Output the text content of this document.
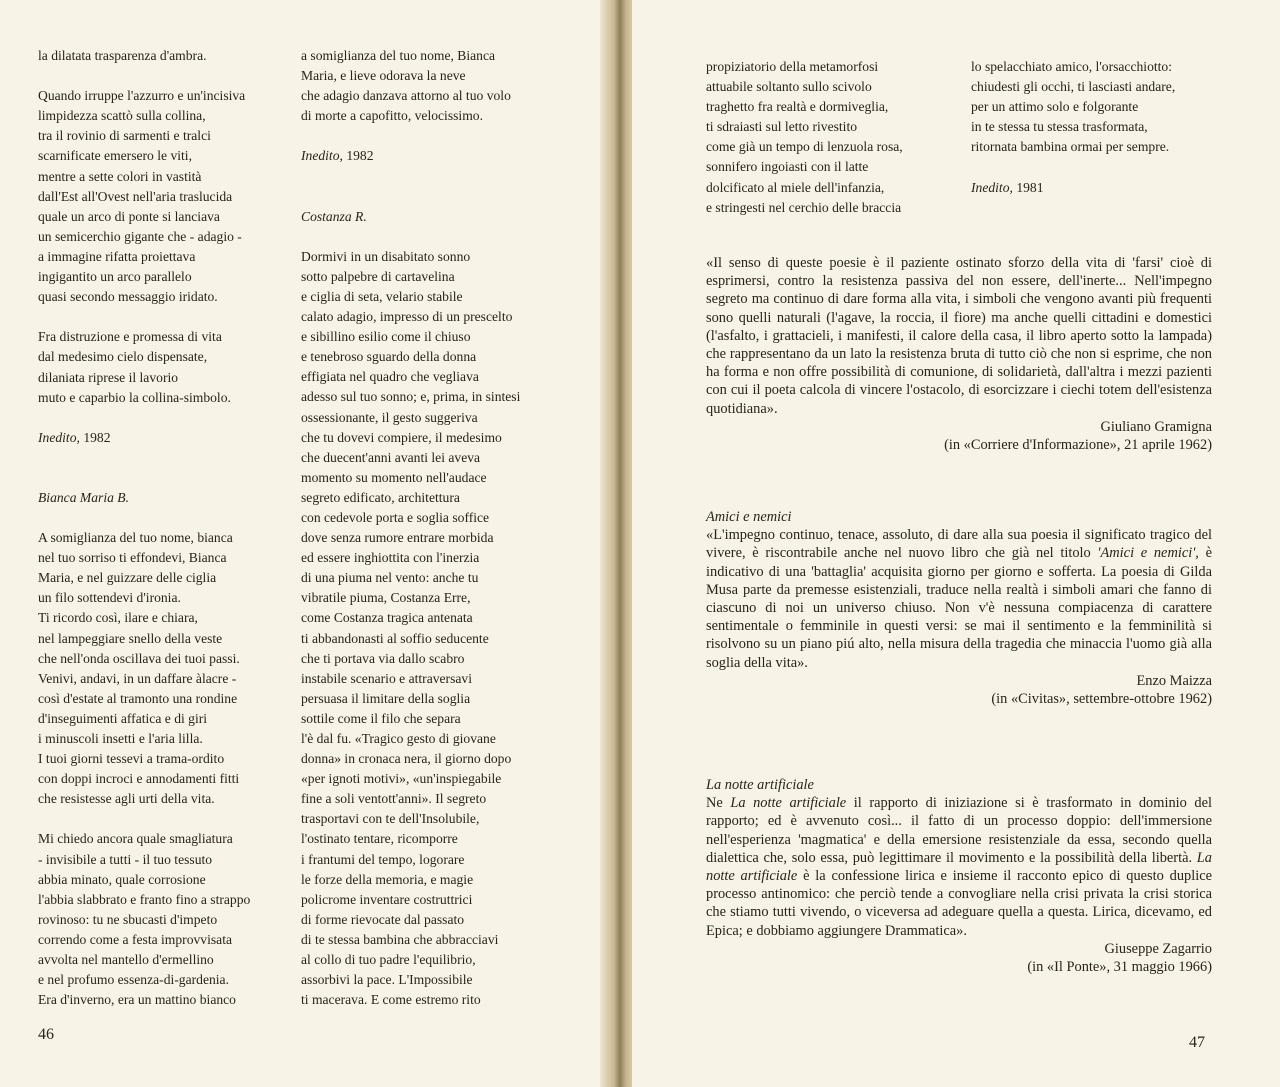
la dilatata trasparenza d'ambra.
Quando irruppe l'azzurro e un'incisiva
limpidezza scattò sulla collina,
tra il rovinio di sarmenti e tralci
scarnificate emersero le viti,
mentre a sette colori in vastità
dall'Est all'Ovest nell'aria traslucida
quale un arco di ponte si lanciava
un semicerchio gigante che - adagio -
a immagine rifatta proiettava
ingigantito un arco parallelo
quasi secondo messaggio iridato.
Fra distruzione e promessa di vita
dal medesimo cielo dispensate,
dilaniata riprese il lavorio
muto e caparbio la collina-simbolo.
Inedito, 1982
Bianca Maria B.
A somiglianza del tuo nome, bianca
nel tuo sorriso ti effondevi, Bianca
Maria, e nel guizzare delle ciglia
un filo sottendevi d'ironia.
Ti ricordo così, ilare e chiara,
nel lampeggiare snello della veste
che nell'onda oscillava dei tuoi passi.
Venivi, andavi, in un daffare àlacre -
così d'estate al tramonto una rondine
d'inseguimenti affatica e di giri
i minuscoli insetti e l'aria lilla.
I tuoi giorni tessevi a trama-ordito
con doppi incroci e annodamenti fitti
che resistesse agli urti della vita.
Mi chiedo ancora quale smagliatura
- invisibile a tutti - il tuo tessuto
abbia minato, quale corrosione
l'abbia slabbrato e franto fino a strappo
rovinoso: tu ne sbucasti d'impeto
correndo come a festa improvvisata
avvolta nel mantello d'ermellino
e nel profumo essenza-di-gardenia.
Era d'inverno, era un mattino bianco
a somiglianza del tuo nome, Bianca
Maria, e lieve odorava la neve
che adagio danzava attorno al tuo volo
di morte a capofitto, velocissimo.
Inedito, 1982
Costanza R.
Dormivi in un disabitato sonno
sotto palpebre di cartavelina
e ciglia di seta, velario stabile
calato adagio, impresso di un prescelto
e sibillino esilio come il chiuso
e tenebroso sguardo della donna
effigiata nel quadro che vegliava
adesso sul tuo sonno; e, prima, in sintesi
ossessionante, il gesto suggeriva
che tu dovevi compiere, il medesimo
che duecent'anni avanti lei aveva
momento su momento nell'audace
segreto edificato, architettura
con cedevole porta e soglia soffice
dove senza rumore entrare morbida
ed essere inghiottita con l'inerzia
di una piuma nel vento: anche tu
vibratile piuma, Costanza Erre,
come Costanza tragica antenata
ti abbandonasti al soffio seducente
che ti portava via dallo scabro
instabile scenario e attraversavi
persuasa il limitare della soglia
sottile come il filo che separa
l'è dal fu. «Tragico gesto di giovane
donna» in cronaca nera, il giorno dopo
«per ignoti motivi», «un'inspiegabile
fine a soli ventott'anni». Il segreto
trasportavi con te dell'Insolubile,
l'ostinato tentare, ricomporre
i frantumi del tempo, logorare
le forze della memoria, e magie
policrome inventare costruttrici
di forme rievocate dal passato
di te stessa bambina che abbracciavi
al collo di tuo padre l'equilibrio,
assorbivi la pace. L'Impossibile
ti macerava. E come estremo rito
46
propiziatorio della metamorfosi
attuabile soltanto sullo scivolo
traghetto fra realtà e dormiveglia,
ti sdraiasti sul letto rivestito
come già un tempo di lenzuola rosa,
sonnifero ingoiasti con il latte
dolcificato al miele dell'infanzia,
e stringesti nel cerchio delle braccia
lo spelacchiato amico, l'orsacchiotto:
chiudesti gli occhi, ti lasciasti andare,
per un attimo solo e folgorante
in te stessa tu stessa trasformata,
ritornata bambina ormai per sempre.
Inedito, 1981

«Il senso di queste poesie è il paziente ostinato sforzo della vita di 'farsi' cioè di esprimersi, contro la resistenza passiva del non essere, dell'inerte... Nell'impegno segreto ma continuo di dare forma alla vita, i simboli che vengono avanti più frequenti sono quelli naturali (l'agave, la roccia, il fiore) ma anche quelli cittadini e domestici (l'asfalto, i grattacieli, i manifesti, il calore della casa, il libro aperto sotto la lampada) che rappresentano da un lato la resistenza bruta di tutto ciò che non si esprime, che non ha forma e non offre possibilità di comunione, di solidarietà, dall'altra i mezzi pazienti con cui il poeta calcola di vincere l'ostacolo, di esorcizzare i ciechi totem dell'esistenza quotidiana».

Giuliano Gramigna

(in «Corriere d'Informazione», 21 aprile 1962)

Amici e nemici

«L'impegno continuo, tenace, assoluto, di dare alla sua poesia il significato tragico del vivere, è riscontrabile anche nel nuovo libro che già nel titolo 'Amici e nemici', è indicativo di una 'battaglia' acquisita giorno per giorno e sofferta. La poesia di Gilda Musa parte da premesse esistenziali, traduce nella realtà i simboli amari che fanno di ciascuno di noi un universo chiuso. Non v'è nessuna compiacenza di carattere sentimentale o femminile in questi versi: se mai il sentimento e la femminilità si risolvono su un piano piú alto, nella misura della tragedia che minaccia l'uomo già alla soglia della vita».

Enzo Maizza

(in «Civitas», settembre-ottobre 1962)

La notte artificiale

Ne La notte artificiale il rapporto di iniziazione si è trasformato in dominio del rapporto; ed è avvenuto così... il fatto di un processo doppio: dell'immersione nell'esperienza 'magmatica' e della emersione resistenziale da essa, secondo quella dialettica che, solo essa, può legittimare il movimento e la possibilità della libertà. La notte artificiale è la confessione lirica e insieme il racconto epico di questo duplice processo antinomico: che perciò tende a convogliare nella crisi privata la crisi storica che stiamo tutti vivendo, o viceversa ad adeguare quella a questa. Lirica, dicevamo, ed Epica; e dobbiamo aggiungere Drammatica».

Giuseppe Zagarrio

(in «Il Ponte», 31 maggio 1966)

47
